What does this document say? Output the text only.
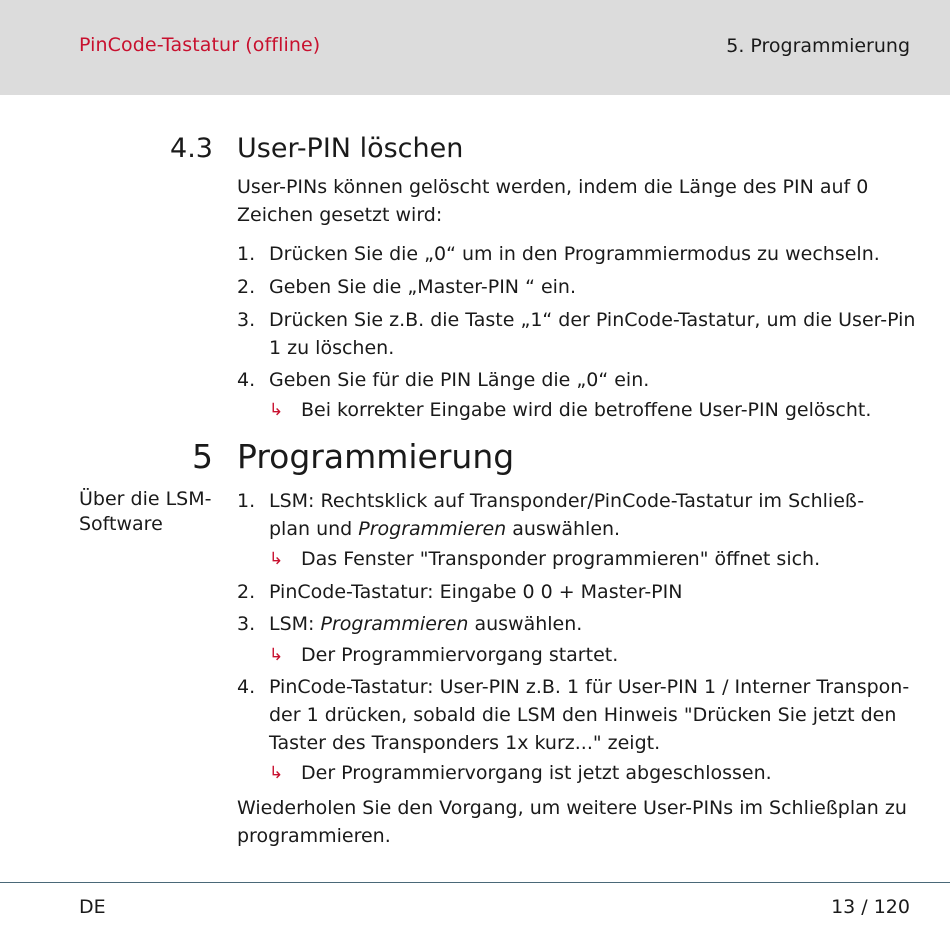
PinCode-Tastatur (offline)	5. Programmierung
4.3 User-PIN löschen
User-PINs können gelöscht werden, indem die Länge des PIN auf 0
Zeichen gesetzt wird:
1. Drücken Sie die „0“ um in den Programmiermodus zu wechseln.
2. Geben Sie die „Master-PIN “ ein.
3. Drücken Sie z.B. die Taste „1“ der PinCode-Tastatur, um die User-Pin
1 zu löschen.
4. Geben Sie für die PIN Länge die „0“ ein.
↳ Bei korrekter Eingabe wird die betroffene User-PIN gelöscht.
5 Programmierung
Über die LSM-
Software
1. LSM: Rechtsklick auf Transponder/PinCode-Tastatur im Schließ-
plan und Programmieren auswählen.
↳ Das Fenster "Transponder programmieren" öffnet sich.
2. PinCode-Tastatur: Eingabe 0 0 + Master-PIN
3. LSM: Programmieren auswählen.
↳ Der Programmiervorgang startet.
4. PinCode-Tastatur: User-PIN z.B. 1 für User-PIN 1 / Interner Transpon-
der 1 drücken, sobald die LSM den Hinweis "Drücken Sie jetzt den
Taster des Transponders 1x kurz..." zeigt.
↳ Der Programmiervorgang ist jetzt abgeschlossen.
Wiederholen Sie den Vorgang, um weitere User-PINs im Schließplan zu
programmieren.
DE	13 / 120
